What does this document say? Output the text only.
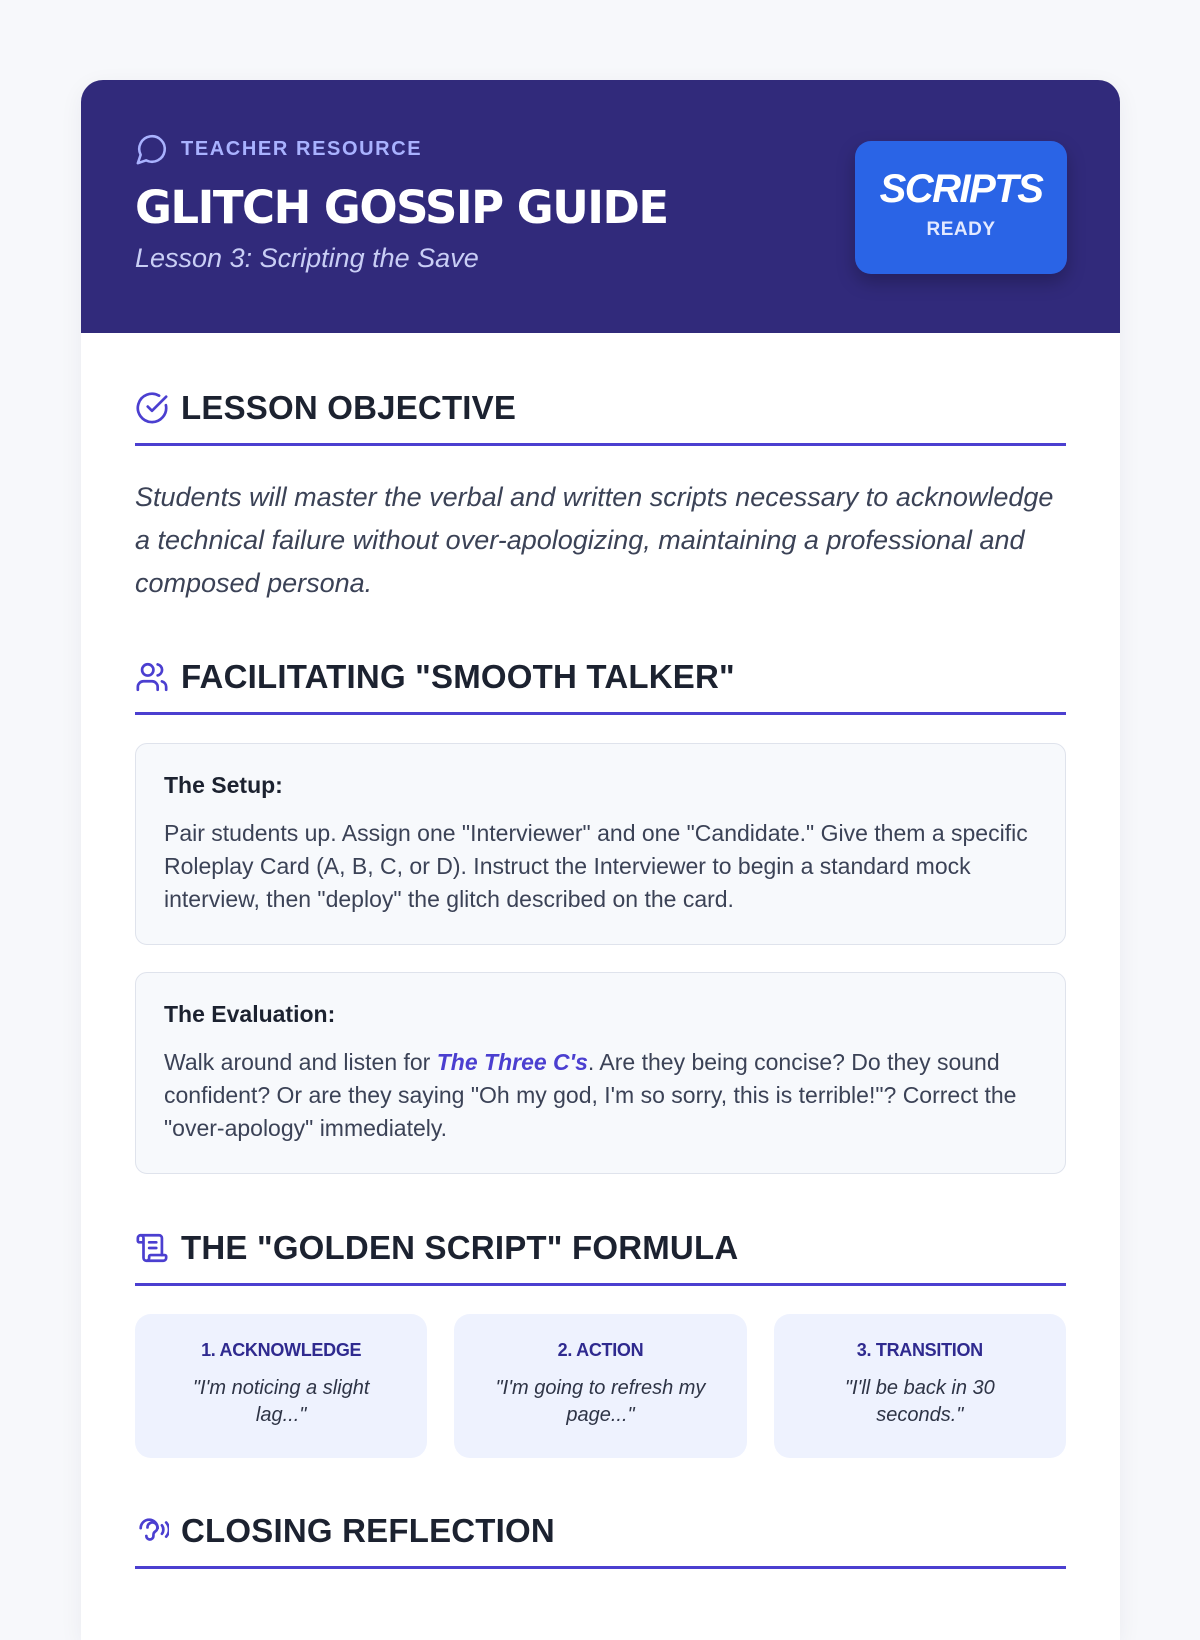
TEACHER RESOURCE
GLITCH GOSSIP GUIDE
Lesson 3: Scripting the Save
SCRIPTS
READY
LESSON OBJECTIVE

Students will master the verbal and written scripts necessary to acknowledge a technical failure without over-apologizing, maintaining a professional and composed persona.

FACILITATING "SMOOTH TALKER"
The Setup:

Pair students up. Assign one "Interviewer" and one "Candidate." Give them a specific Roleplay Card (A, B, C, or D). Instruct the Interviewer to begin a standard mock interview, then "deploy" the glitch described on the card.

The Evaluation:

Walk around and listen for The Three C's. Are they being concise? Do they sound confident? Or are they saying "Oh my god, I'm so sorry, this is terrible!"? Correct the "over-apology" immediately.

THE "GOLDEN SCRIPT" FORMULA
1. ACKNOWLEDGE
"I'm noticing a slight lag..."
2. ACTION
"I'm going to refresh my page..."
3. TRANSITION
"I'll be back in 30 seconds."
CLOSING REFLECTION
